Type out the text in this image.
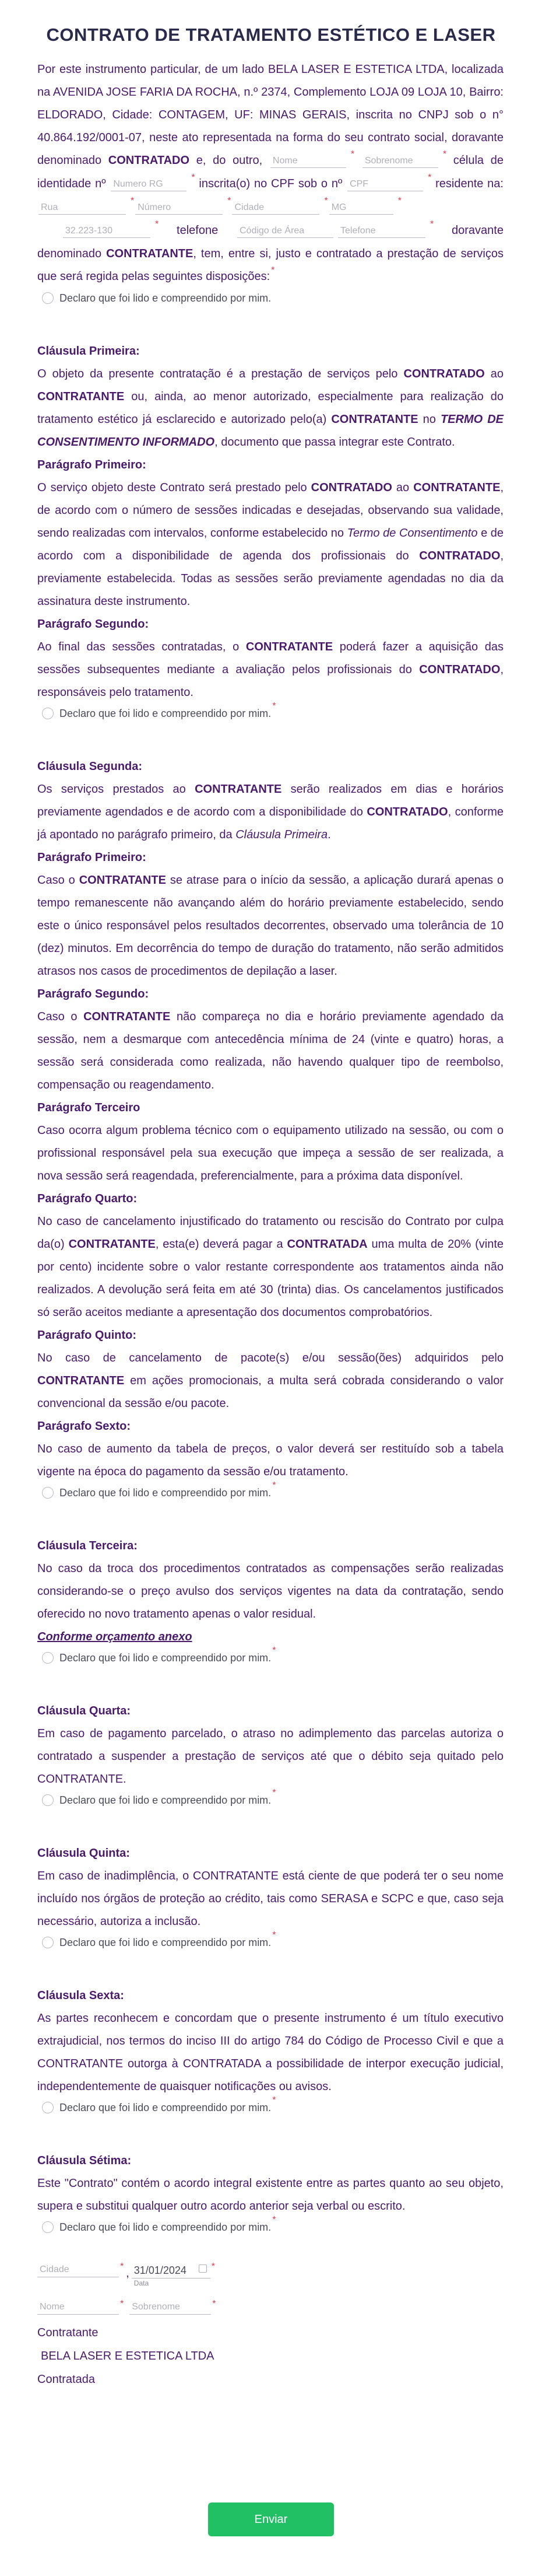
CONTRATO DE TRATAMENTO ESTÉTICO E LASER

Por este instrumento particular, de um lado BELA LASER E ESTETICA LTDA, localizada na AVENIDA JOSE FARIA DA ROCHA, n.º 2374, Complemento LOJA 09 LOJA 10, Bairro: ELDORADO, Cidade: CONTAGEM, UF: MINAS GERAIS, inscrita no CNPJ sob o n° 40.864.192/0001-07, neste ato representada na forma do seu contrato social, doravante denominado CONTRATADO e, do outro, Nome* Sobrenome* célula de identidade nº Numero RG* inscrita(o) no CPF sob o nº CPF* residente na: Rua*Número*Cidade*MG* 32.223-130* telefone Código de Área	Telefone* doravante denominado CONTRATANTE, tem, entre si, justo e contratado a prestação de serviços que será regida pelas seguintes disposições: *

Declaro que foi lido e compreendido por mim.

Cláusula Primeira:

O objeto da presente contratação é a prestação de serviços pelo CONTRATADO ao CONTRATANTE ou, ainda, ao menor autorizado, especialmente para realização do tratamento estético já esclarecido e autorizado pelo(a) CONTRATANTE no TERMO DE CONSENTIMENTO INFORMADO, documento que passa integrar este Contrato.

Parágrafo Primeiro:

O serviço objeto deste Contrato será prestado pelo CONTRATADO ao CONTRATANTE, de acordo com o número de sessões indicadas e desejadas, observando sua validade, sendo realizadas com intervalos, conforme estabelecido no Termo de Consentimento e de acordo com a disponibilidade de agenda dos profissionais do CONTRATADO, previamente estabelecida. Todas as sessões serão previamente agendadas no dia da assinatura deste instrumento.

Parágrafo Segundo:

Ao final das sessões contratadas, o CONTRATANTE poderá fazer a aquisição das sessões subsequentes mediante a avaliação pelos profissionais do CONTRATADO, responsáveis pelo tratamento.

Declaro que foi lido e compreendido por mim.
*

Cláusula Segunda:

Os serviços prestados ao CONTRATANTE serão realizados em dias e horários previamente agendados e de acordo com a disponibilidade do CONTRATADO, conforme já apontado no parágrafo primeiro, da Cláusula Primeira.

Parágrafo Primeiro:

Caso o CONTRATANTE se atrase para o início da sessão, a aplicação durará apenas o tempo remanescente não avançando além do horário previamente estabelecido, sendo este o único responsável pelos resultados decorrentes, observado uma tolerância de 10 (dez) minutos. Em decorrência do tempo de duração do tratamento, não serão admitidos atrasos nos casos de procedimentos de depilação a laser.

Parágrafo Segundo:

Caso o CONTRATANTE não compareça no dia e horário previamente agendado da sessão, nem a desmarque com antecedência mínima de 24 (vinte e quatro) horas, a sessão será considerada como realizada, não havendo qualquer tipo de reembolso, compensação ou reagendamento.

Parágrafo Terceiro

Caso ocorra algum problema técnico com o equipamento utilizado na sessão, ou com o profissional responsável pela sua execução que impeça a sessão de ser realizada, a nova sessão será reagendada, preferencialmente, para a próxima data disponível.

Parágrafo Quarto:

No caso de cancelamento injustificado do tratamento ou rescisão do Contrato por culpa da(o) CONTRATANTE, esta(e) deverá pagar a CONTRATADA uma multa de 20% (vinte por cento) incidente sobre o valor restante correspondente aos tratamentos ainda não realizados. A devolução será feita em até 30 (trinta) dias. Os cancelamentos justificados só serão aceitos mediante a apresentação dos documentos comprobatórios.

Parágrafo Quinto:

No caso de cancelamento de pacote(s) e/ou sessão(ões) adquiridos pelo CONTRATANTE em ações promocionais, a multa será cobrada considerando o valor convencional da sessão e/ou pacote.

Parágrafo Sexto:

No caso de aumento da tabela de preços, o valor deverá ser restituído sob a tabela vigente na época do pagamento da sessão e/ou tratamento.

Declaro que foi lido e compreendido por mim.
*

Cláusula Terceira:

No caso da troca dos procedimentos contratados as compensações serão realizadas considerando-se o preço avulso dos serviços vigentes na data da contratação, sendo oferecido no novo tratamento apenas o valor residual.

Conforme orçamento anexo

Declaro que foi lido e compreendido por mim.
*

Cláusula Quarta:

Em caso de pagamento parcelado, o atraso no adimplemento das parcelas autoriza o contratado a suspender a prestação de serviços até que o débito seja quitado pelo CONTRATANTE.

Declaro que foi lido e compreendido por mim.
*

Cláusula Quinta:

Em caso de inadimplência, o CONTRATANTE está ciente de que poderá ter o seu nome incluído nos órgãos de proteção ao crédito, tais como SERASA e SCPC e que, caso seja necessário, autoriza a inclusão.

Declaro que foi lido e compreendido por mim.
*

Cláusula Sexta:

As partes reconhecem e concordam que o presente instrumento é um título executivo extrajudicial, nos termos do inciso III do artigo 784 do Código de Processo Civil e que a CONTRATANTE outorga à CONTRATADA a possibilidade de interpor execução judicial, independentemente de quaisquer notificações ou avisos.

Declaro que foi lido e compreendido por mim.
*

Cláusula Sétima:

Este "Contrato" contém o acordo integral existente entre as partes quanto ao seu objeto, supera e substitui qualquer outro acordo anterior seja verbal ou escrito.

Declaro que foi lido e compreendido por mim.
*
Cidade	*
, 31/01/2024
Data
*
Nome	* Sobrenome	*
Contratante
BELA LASER E ESTETICA LTDA
Contratada
Enviar
